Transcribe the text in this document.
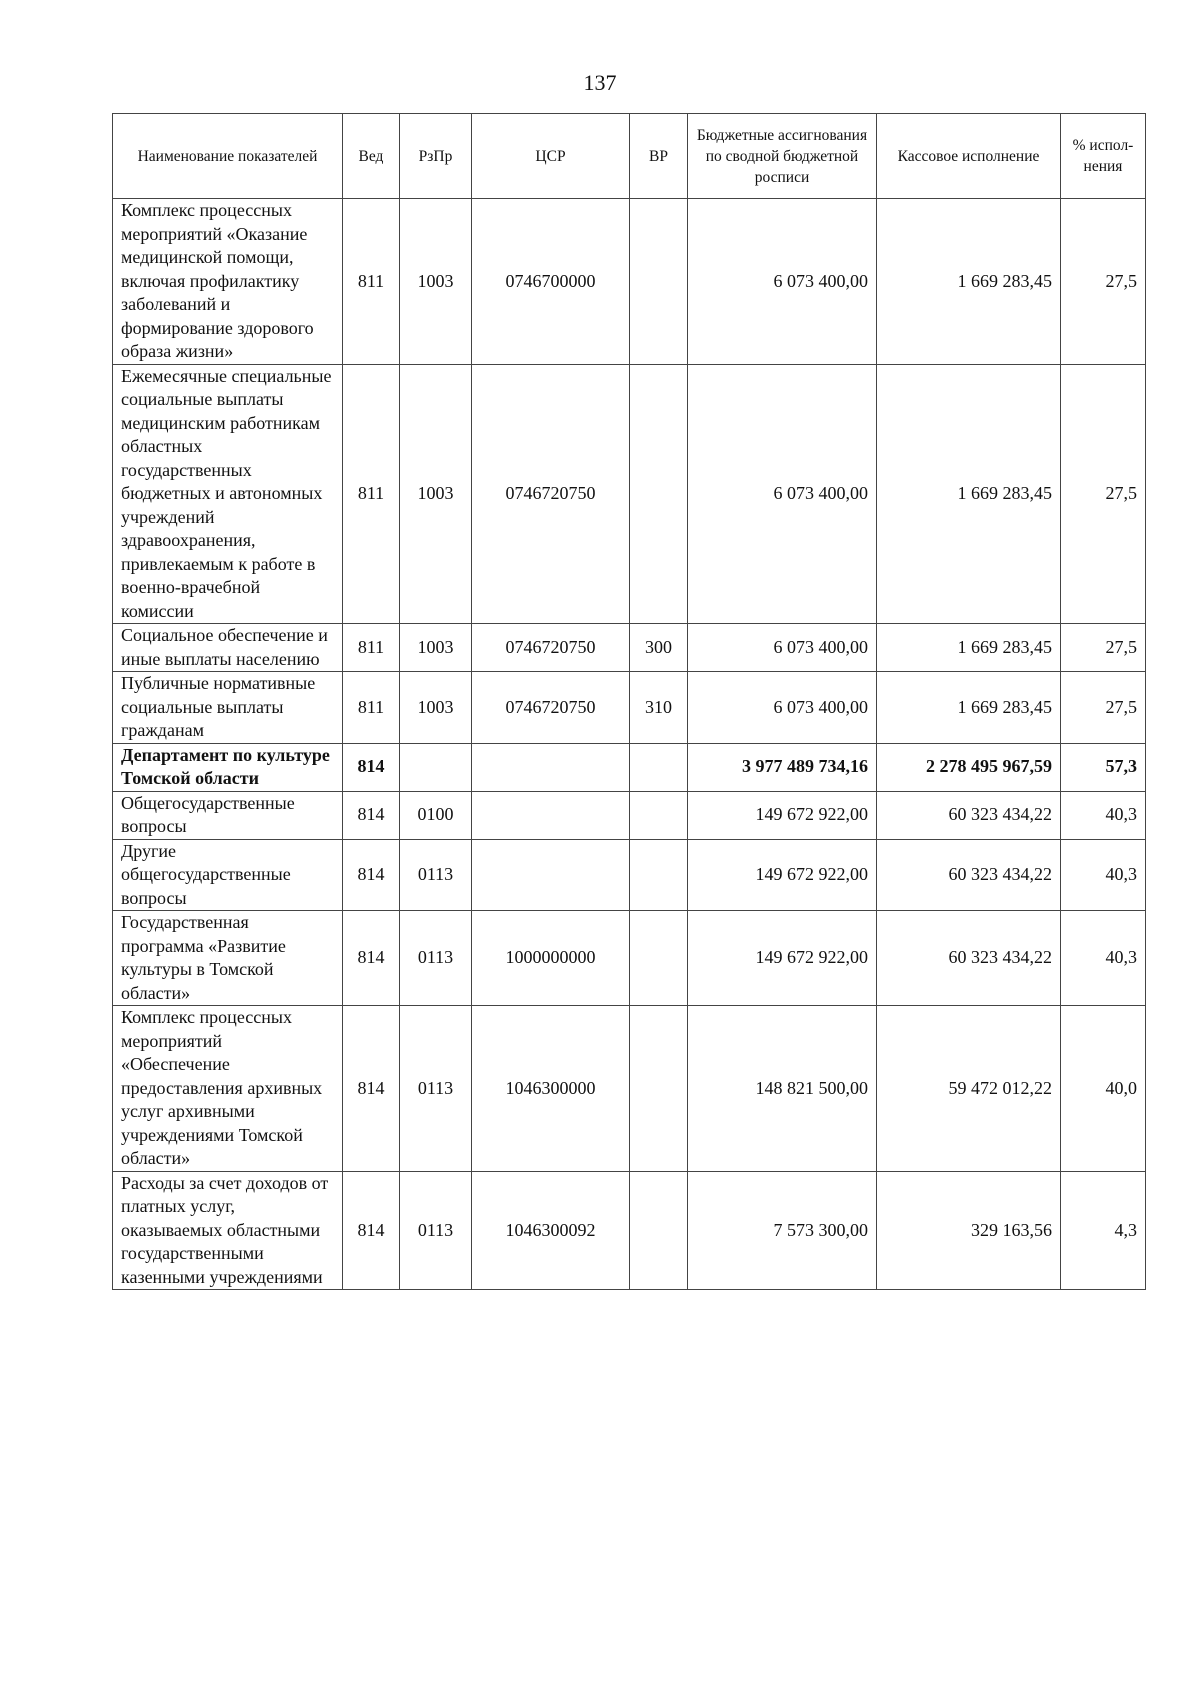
137
Наименование показателей	Вед	РзПр	ЦСР	ВР	Бюджетные ассигнования по сводной бюджетной росписи	Кассовое исполнение	% испол-нения
Комплекс процессных мероприятий «Оказание медицинской помощи, включая профилактику заболеваний и формирование здорового образа жизни»	811	1003	0746700000		6 073 400,00	1 669 283,45	27,5
Ежемесячные специальные социальные выплаты медицинским работникам областных государственных бюджетных и автономных учреждений здравоохранения, привлекаемым к работе в военно-врачебной комиссии	811	1003	0746720750		6 073 400,00	1 669 283,45	27,5
Социальное обеспечение и иные выплаты населению	811	1003	0746720750	300	6 073 400,00	1 669 283,45	27,5
Публичные нормативные социальные выплаты гражданам	811	1003	0746720750	310	6 073 400,00	1 669 283,45	27,5
Департамент по культуре Томской области	814				3 977 489 734,16	2 278 495 967,59	57,3
Общегосударственные вопросы	814	0100			149 672 922,00	60 323 434,22	40,3
Другие общегосударственные вопросы	814	0113			149 672 922,00	60 323 434,22	40,3
Государственная программа «Развитие культуры в Томской области»	814	0113	1000000000		149 672 922,00	60 323 434,22	40,3
Комплекс процессных мероприятий «Обеспечение предоставления архивных услуг архивными учреждениями Томской области»	814	0113	1046300000		148 821 500,00	59 472 012,22	40,0
Расходы за счет доходов от платных услуг, оказываемых областными государственными казенными учреждениями	814	0113	1046300092		7 573 300,00	329 163,56	4,3
